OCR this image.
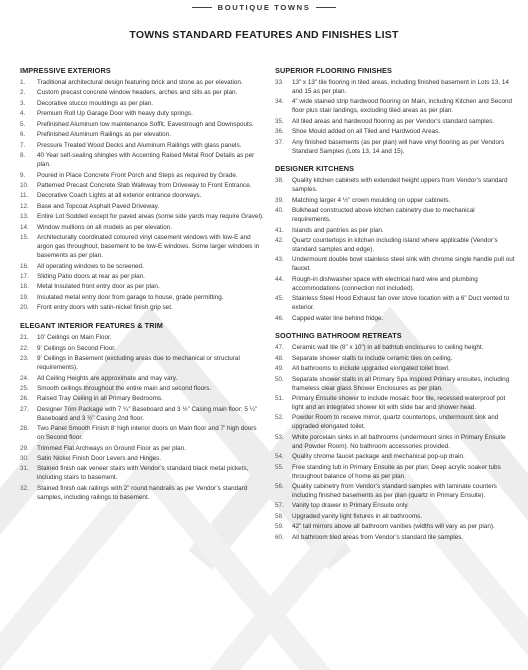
BOUTIQUE TOWNS
TOWNS STANDARD FEATURES AND FINISHES LIST
IMPRESSIVE EXTERIORS
1.	Traditional architectural design featuring brick and stone as per elevation.
2.	Custom precast concrete window headers, arches and sills as per plan.
3.	Decorative stucco mouldings as per plan.
4.	Premium Roll Up Garage Door with heavy duty springs.
5.	Prefinished Aluminum low maintenance Soffit, Eavestrough and Downspouts.
6.	Prefinished Aluminum Railings as per elevation.
7.	Pressure Treated Wood Decks and Aluminum Railings with glass panels.
8.	40 Year self-sealing shingles with Accenting Raised Metal Roof Details as per plan.
9.	Poured in Place Concrete Front Porch and Steps as required by Grade.
10.	Patterned Precast Concrete Slab Walkway from Driveway to Front Entrance.
11.	Decorative Coach Lights at all exterior entrance doorways.
12.	Base and Topcoat Asphalt Paved Driveway.
13.	Entire Lot Sodded except for paved areas (some side yards may require Gravel).
14.	Window mullions on all models as per elevation.
15.	Architecturally coordinated coloured vinyl casement windows with low-E and argon gas throughout, basement to be low-E windows. Some larger windows in basements as per plan.
16.	All operating windows to be screened.
17.	Sliding Patio doors at rear as per plan.
18.	Metal Insulated front entry door as per plan.
19.	Insulated metal entry door from garage to house, grade permitting.
20.	Front entry doors with satin-nickel finish grip set.
ELEGANT INTERIOR FEATURES & TRIM
21.	10’ Ceilings on Main Floor.
22.	9’ Ceilings on Second Floor.
23.	9’ Ceilings in Basement (excluding areas due to mechanical or structural requirements).
24.	All Ceiling Heights are approximate and may vary.
25.	Smooth ceilings throughout the entire main and second floors.
26.	Raised Tray Ceiling in all Primary Bedrooms.
27.	Designer Trim Package with 7 ¼” Baseboard and 3 ½” Casing main floor; 5 ¼” Baseboard and 3 ½” Casing 2nd floor.
28.	Two Panel Smooth Finish 8’ high interior doors on Main floor and 7’ high doors on Second floor.
29.	Trimmed Flat Archways on Ground Floor as per plan.
30.	Satin Nickel Finish Door Levers and Hinges.
31.	Stained finish oak veneer stairs with Vendor’s standard black metal pickets, including stairs to basement.
32.	Stained finish oak railings with 2” round handrails as per Vendor’s standard samples, including railings to basement.
SUPERIOR FLOORING FINISHES
33.	13” x 13” tile flooring in tiled areas, including finished basement in Lots 13, 14 and 15 as per plan.
34.	4” wide stained strip hardwood flooring on Main, including Kitchen and Second floor plus stair landings, excluding tiled areas as per plan.
35.	All tiled areas and hardwood flooring as per Vendor’s standard samples.
36.	Shoe Mould added on all Tiled and Hardwood Areas.
37.	Any finished basements (as per plan) will have vinyl flooring as per Vendors Standard Samples (Lots 13, 14 and 15).
DESIGNER KITCHENS
38.	Quality kitchen cabinets with extended height uppers from Vendor’s standard samples.
39.	Matching larger 4 ½” crown moulding on upper cabinets.
40.	Bulkhead constructed above kitchen cabinetry due to mechanical requirements.
41.	Islands and pantries as per plan.
42.	Quartz countertops in kitchen including island where applicable (Vendor’s standard samples and edge).
43.	Undermount double bowl stainless steel sink with chrome single handle pull out faucet.
44.	Rough-in dishwasher space with electrical hard wire and plumbing accommodations (connection not included).
45.	Stainless Steel Hood Exhaust fan over stove location with a 6” Duct vented to exterior.
46.	Capped water line behind fridge.
SOOTHING BATHROOM RETREATS
47.	Ceramic wall tile (8” x 10”) in all bathtub enclosures to ceiling height.
48.	Separate shower stalls to include ceramic tiles on ceiling.
49.	All bathrooms to include upgraded elongated toilet bowl.
50.	Separate shower stalls in all Primary Spa inspired Primary ensuites, including frameless clear glass Shower Enclosures as per plan.
51.	Primary Ensuite shower to include mosaic floor tile, recessed waterproof pot light and an integrated shower kit with slide bar and shower head.
52.	Powder Room to receive mirror, quartz countertops, undermount sink and upgraded elongated toilet.
53.	White porcelain sinks in all bathrooms (undermount sinks in Primary Ensuite and Powder Room). No bathroom accessories provided.
54.	Quality chrome faucet package and mechanical pop-up drain.
55.	Free standing tub in Primary Ensuite as per plan; Deep acrylic soaker tubs throughout balance of home as per plan.
56.	Quality cabinetry from Vendor’s standard samples with laminate counters including finished basements as per plan (quartz in Primary Ensuite).
57.	Vanity top drawer in Primary Ensuite only.
58.	Upgraded vanity light fixtures in all bathrooms.
59.	42” tall mirrors above all bathroom vanities (widths will vary as per plan).
60.	All bathroom tiled areas from Vendor’s standard tile samples.
